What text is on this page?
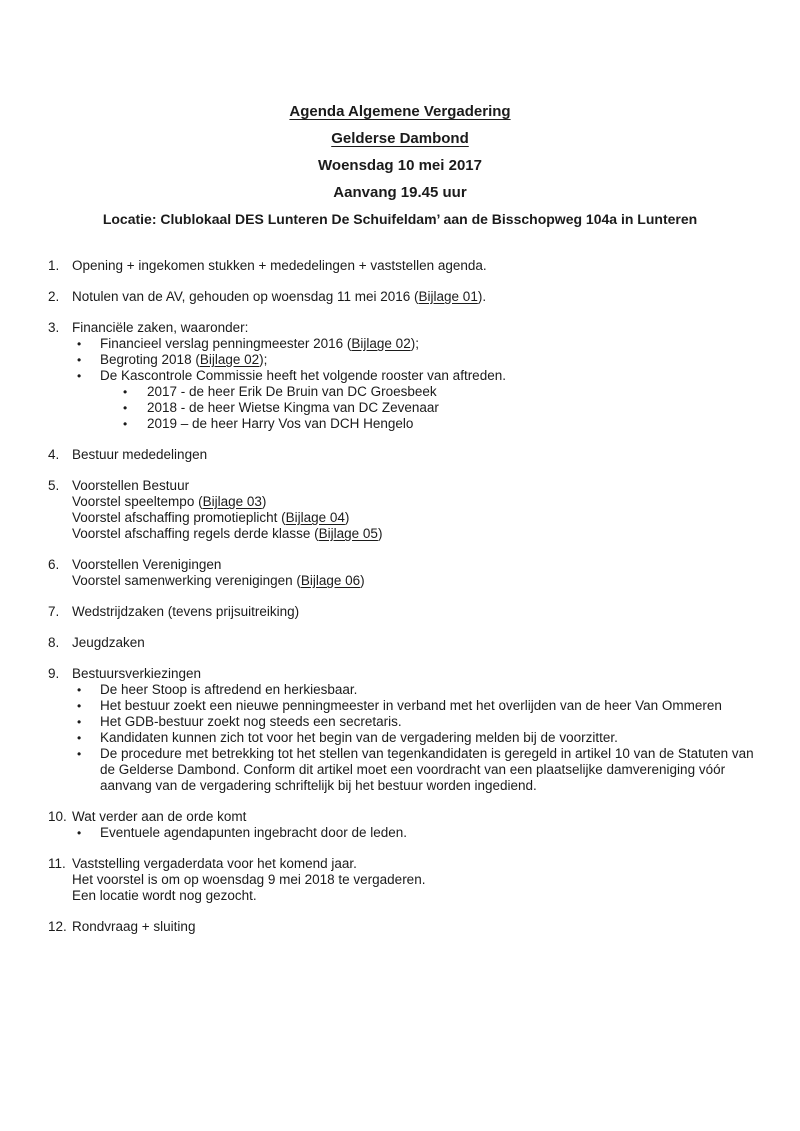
Agenda Algemene Vergadering
Gelderse Dambond
Woensdag 10 mei 2017
Aanvang 19.45 uur
Locatie: Clublokaal DES Lunteren De Schuifeldam’ aan de Bisschopweg 104a in Lunteren
1. Opening + ingekomen stukken + mededelingen + vaststellen agenda.
2. Notulen van de AV, gehouden op woensdag 11 mei 2016 (Bijlage 01).
3. Financiële zaken, waaronder:
• Financieel verslag penningmeester 2016 (Bijlage 02);
• Begroting 2018 (Bijlage 02);
• De Kascontrole Commissie heeft het volgende rooster van aftreden.
• 2017 - de heer Erik De Bruin van DC Groesbeek
• 2018 - de heer Wietse Kingma van DC Zevenaar
• 2019 – de heer Harry Vos van DCH Hengelo
4. Bestuur mededelingen
5. Voorstellen Bestuur
Voorstel speeltempo (Bijlage 03)
Voorstel afschaffing promotieplicht (Bijlage 04)
Voorstel afschaffing regels derde klasse (Bijlage 05)
6. Voorstellen Verenigingen
Voorstel samenwerking verenigingen (Bijlage 06)
7. Wedstrijdzaken (tevens prijsuitreiking)
8. Jeugdzaken
9. Bestuursverkiezingen
• De heer Stoop is aftredend en herkiesbaar.
• Het bestuur zoekt een nieuwe penningmeester in verband met het overlijden van de heer Van Ommeren
• Het GDB-bestuur zoekt nog steeds een secretaris.
• Kandidaten kunnen zich tot voor het begin van de vergadering melden bij de voorzitter.
• De procedure met betrekking tot het stellen van tegenkandidaten is geregeld in artikel 10 van de Statuten van de Gelderse Dambond. Conform dit artikel moet een voordracht van een plaatselijke damvereniging vóór aanvang van de vergadering schriftelijk bij het bestuur worden ingediend.
10. Wat verder aan de orde komt
• Eventuele agendapunten ingebracht door de leden.
11. Vaststelling vergaderdata voor het komend jaar.
Het voorstel is om op woensdag 9 mei 2018 te vergaderen.
Een locatie wordt nog gezocht.
12. Rondvraag + sluiting
